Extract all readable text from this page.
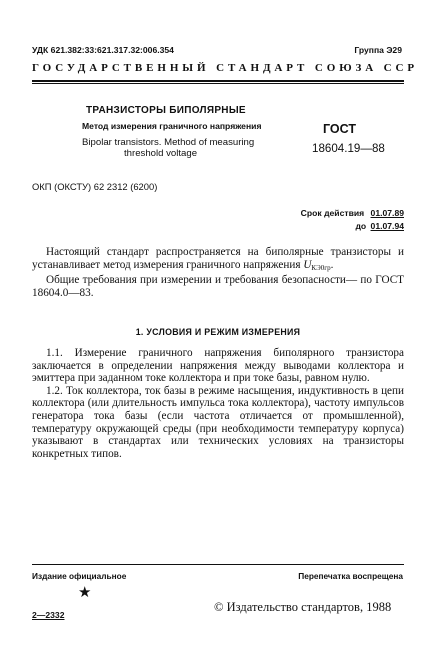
УДК 621.382:33:621.317.32:006.354	Группа Э29
ГОСУДАРСТВЕННЫЙ СТАНДАРТ СОЮЗА ССР
ТРАНЗИСТОРЫ БИПОЛЯРНЫЕ
Метод измерения граничного напряжения
Bipolar transistors. Method of measuring
threshold voltage
ГОСТ
18604.19—88
ОКП (ОКСТУ) 62 2312 (6200)
Срок действия 01.07.89
до 01.07.94

Настоящий стандарт распространяется на биполярные транзисторы и устанавливает метод измерения граничного напряжения $U_{КЭ0гр}$.

Общие требования при измерении и требования безопасности— по ГОСТ 18604.0—83.

1. УСЛОВИЯ И РЕЖИМ ИЗМЕРЕНИЯ

1.1. Измерение граничного напряжения биполярного транзистора заключается в определении напряжения между выводами коллектора и эмиттера при заданном токе коллектора и при токе базы, равном нулю.

1.2. Ток коллектора, ток базы в режиме насыщения, индуктивность в цепи коллектора (или длительность импульса тока коллектора), частоту импульсов генератора тока базы (если частота отличается от промышленной), температуру окружающей среды (при необходимости температуру корпуса) указывают в стандартах или технических условиях на транзисторы конкретных типов.

Издание официальное	Перепечатка воспрещена
★
© Издательство стандартов, 1988
2—2332
